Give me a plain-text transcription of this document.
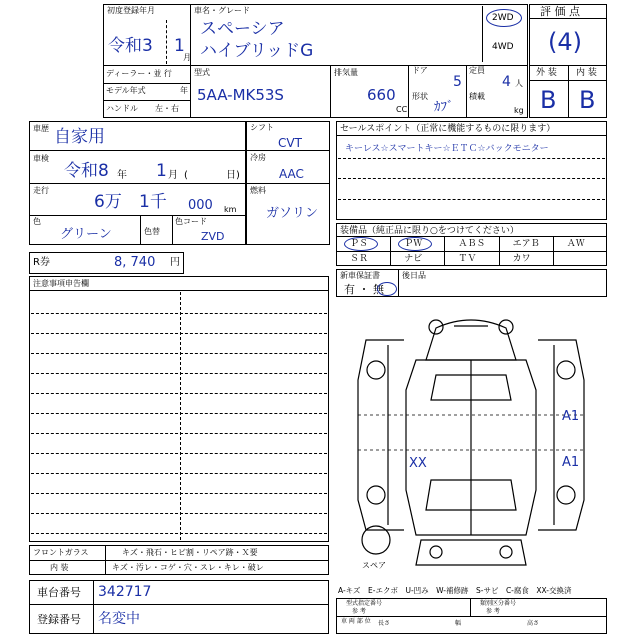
初度登録年月
令和3 1
月
車名・グレード
スペーシア
ハイブリッドG
2WD
4WD
ディーラー・並 行
モデル年式	年
ハンドル 左・右
型式
5AA-MK53S
排気量
660
CC
ドア
5
定員
4 人
形状
ｶﾌﾞ
積載
kg
評 価 点
(4)
外 装 内 装
B B
車歴 自家用
車検
令和8 年 1 月 (	日)
走行
6万 1千 000 km
色
グリーン	色替
色コード
ZVD
シフト
CVT
冷房
AAC
燃料
ガソリン
R券	8, 740 円
セールスポイント（正常に機能するものに限ります）
キーレス☆スマートキー☆ＥＴＣ☆バックモニター
装備品（純正品に限り○をつけてください）
ＰＳ	ＰＷ	ＡＢＳ	エアＢ	ＡＷ
ＳＲ	ナビ	ＴＶ	カワ
新車保証書
有 ・ 無
後日品
注意事項申告欄
A1
A1
XX
スペア
フロントガラス	キズ・飛石・ヒビ割・リペア跡・Ｘ要
内 装	キズ・汚レ・コゲ・穴・スレ・キレ・破レ
車台番号 342717
登録番号 名変中
A-キズ　E-エクボ　U-凹み　W-補修跡　S-サビ　C-腐食　XX-交換済
型式指定番号
参 考
類別区分番号
参 考
車 両 部 位 長さ	幅	高さ
